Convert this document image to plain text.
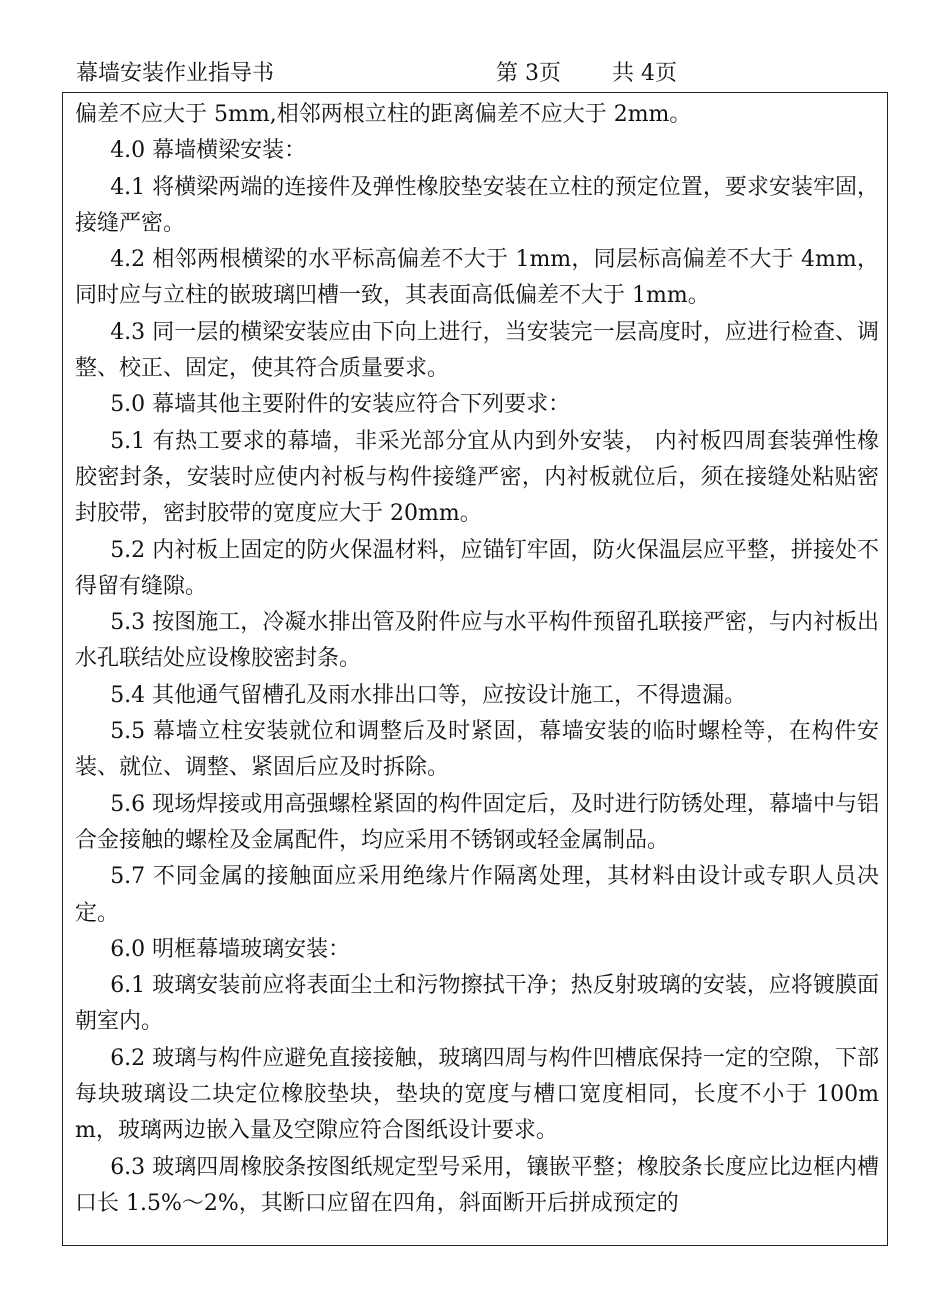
幕墙安装作业指导书	第 3页 共 4页

偏差不应大于 5mm,相邻两根立柱的距离偏差不应大于 2mm。

4.0 幕墙横梁安装：

4.1 将横梁两端的连接件及弹性橡胶垫安装在立柱的预定位置，要求安装牢固，接缝严密。

4.2 相邻两根横梁的水平标高偏差不大于 1mm，同层标高偏差不大于 4mm，同时应与立柱的嵌玻璃凹槽一致，其表面高低偏差不大于 1mm。

4.3 同一层的横梁安装应由下向上进行，当安装完一层高度时，应进行检查、调整、校正、固定，使其符合质量要求。

5.0 幕墙其他主要附件的安装应符合下列要求：

5.1 有热工要求的幕墙，非采光部分宜从内到外安装， 内衬板四周套装弹性橡胶密封条，安装时应使内衬板与构件接缝严密，内衬板就位后，须在接缝处粘贴密封胶带，密封胶带的宽度应大于 20mm。

5.2 内衬板上固定的防火保温材料，应锚钉牢固，防火保温层应平整，拼接处不得留有缝隙。

5.3 按图施工，冷凝水排出管及附件应与水平构件预留孔联接严密，与内衬板出水孔联结处应设橡胶密封条。

5.4 其他通气留槽孔及雨水排出口等，应按设计施工，不得遗漏。

5.5 幕墙立柱安装就位和调整后及时紧固，幕墙安装的临时螺栓等，在构件安装、就位、调整、紧固后应及时拆除。

5.6 现场焊接或用高强螺栓紧固的构件固定后，及时进行防锈处理，幕墙中与铝合金接触的螺栓及金属配件，均应采用不锈钢或轻金属制品。

5.7 不同金属的接触面应采用绝缘片作隔离处理，其材料由设计或专职人员决定。

6.0 明框幕墙玻璃安装：

6.1 玻璃安装前应将表面尘土和污物擦拭干净；热反射玻璃的安装，应将镀膜面朝室内。

6.2 玻璃与构件应避免直接接触，玻璃四周与构件凹槽底保持一定的空隙，下部每块玻璃设二块定位橡胶垫块，垫块的宽度与槽口宽度相同，长度不小于 100mm，玻璃两边嵌入量及空隙应符合图纸设计要求。

6.3 玻璃四周橡胶条按图纸规定型号采用，镶嵌平整；橡胶条长度应比边框内槽口长 1.5%～2%，其断口应留在四角，斜面断开后拼成预定的
